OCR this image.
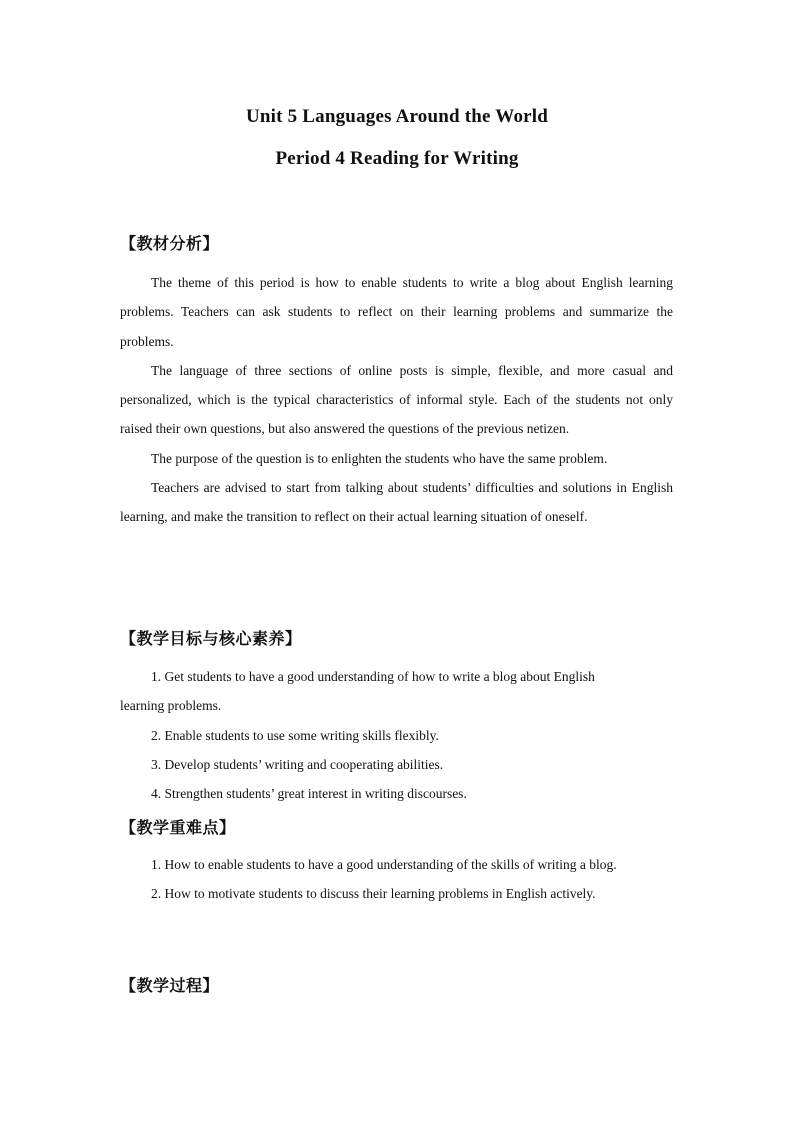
Unit 5 Languages Around the World
Period 4 Reading for Writing
【教材分析】

The theme of this period is how to enable students to write a blog about English learning problems. Teachers can ask students to reflect on their learning problems and summarize the problems.

The language of three sections of online posts is simple, flexible, and more casual and personalized, which is the typical characteristics of informal style. Each of the students not only raised their own questions, but also answered the questions of the previous netizen.

The purpose of the question is to enlighten the students who have the same problem.

Teachers are advised to start from talking about students’ difficulties and solutions in English learning, and make the transition to reflect on their actual learning situation of oneself.

【教学目标与核心素养】

1. Get students to have a good understanding of how to write a blog about English learning problems.

2. Enable students to use some writing skills flexibly.

3. Develop students’ writing and cooperating abilities.

4. Strengthen students’ great interest in writing discourses.

【教学重难点】

1. How to enable students to have a good understanding of the skills of writing a blog.

2. How to motivate students to discuss their learning problems in English actively.

【教学过程】
